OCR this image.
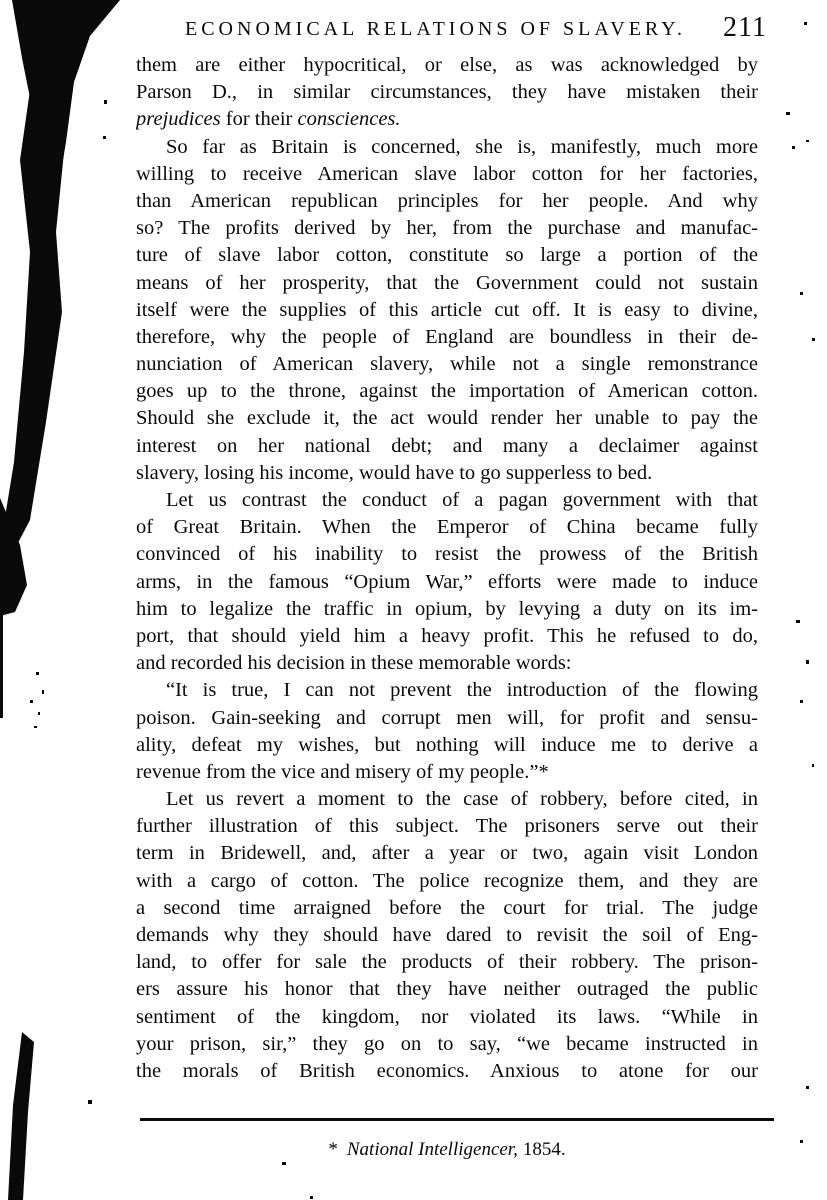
ECONOMICAL RELATIONS OF SLAVERY. 211
them are either hypocritical, or else, as was acknowledged by
Parson D., in similar circumstances, they have mistaken their
prejudices for their consciences.
So far as Britain is concerned, she is, manifestly, much more
willing to receive American slave labor cotton for her factories,
than American republican principles for her people. And why
so? The profits derived by her, from the purchase and manufac-
ture of slave labor cotton, constitute so large a portion of the
means of her prosperity, that the Government could not sustain
itself were the supplies of this article cut off. It is easy to divine,
therefore, why the people of England are boundless in their de-
nunciation of American slavery, while not a single remonstrance
goes up to the throne, against the importation of American cotton.
Should she exclude it, the act would render her unable to pay the
interest on her national debt; and many a declaimer against
slavery, losing his income, would have to go supperless to bed.
Let us contrast the conduct of a pagan government with that
of Great Britain. When the Emperor of China became fully
convinced of his inability to resist the prowess of the British
arms, in the famous “Opium War,” efforts were made to induce
him to legalize the traffic in opium, by levying a duty on its im-
port, that should yield him a heavy profit. This he refused to do,
and recorded his decision in these memorable words:
“It is true, I can not prevent the introduction of the flowing
poison. Gain-seeking and corrupt men will, for profit and sensu-
ality, defeat my wishes, but nothing will induce me to derive a
revenue from the vice and misery of my people.”*
Let us revert a moment to the case of robbery, before cited, in
further illustration of this subject. The prisoners serve out their
term in Bridewell, and, after a year or two, again visit London
with a cargo of cotton. The police recognize them, and they are
a second time arraigned before the court for trial. The judge
demands why they should have dared to revisit the soil of Eng-
land, to offer for sale the products of their robbery. The prison-
ers assure his honor that they have neither outraged the public
sentiment of the kingdom, nor violated its laws. “While in
your prison, sir,” they go on to say, “we became instructed in
the morals of British economics. Anxious to atone for our
* National Intelligencer, 1854.
